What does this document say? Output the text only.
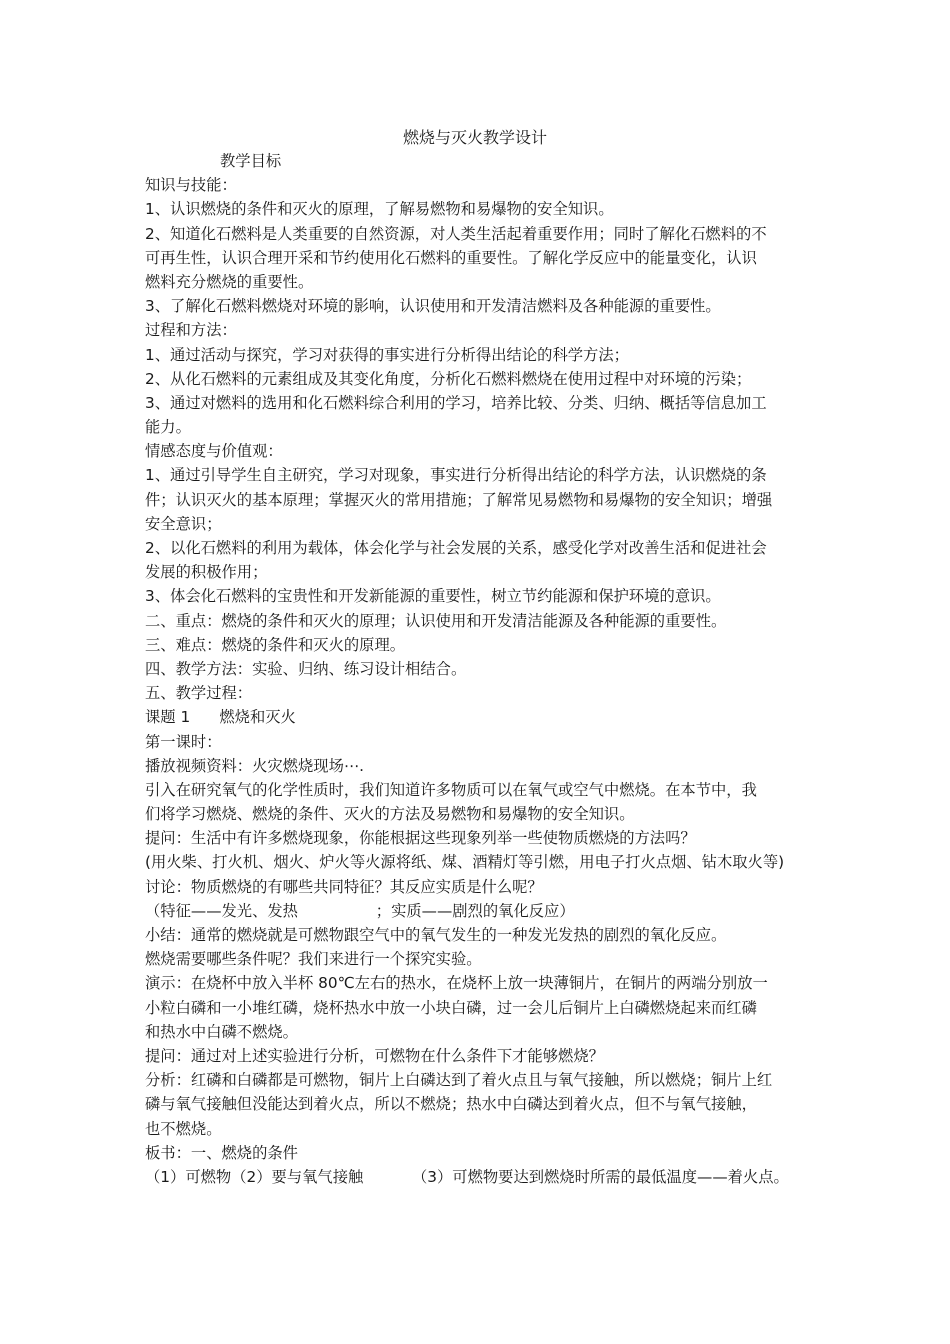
燃烧与灭火教学设计
教学目标
知识与技能：
1、认识燃烧的条件和灭火的原理，了解易燃物和易爆物的安全知识。
2、知道化石燃料是人类重要的自然资源，对人类生活起着重要作用；同时了解化石燃料的不
可再生性，认识合理开采和节约使用化石燃料的重要性。了解化学反应中的能量变化，认识
燃料充分燃烧的重要性。
3、了解化石燃料燃烧对环境的影响，认识使用和开发清洁燃料及各种能源的重要性。
过程和方法：
1、通过活动与探究，学习对获得的事实进行分析得出结论的科学方法；
2、从化石燃料的元素组成及其变化角度，分析化石燃料燃烧在使用过程中对环境的污染；
3、通过对燃料的选用和化石燃料综合利用的学习，培养比较、分类、归纳、概括等信息加工
能力。
情感态度与价值观：
1、通过引导学生自主研究，学习对现象，事实进行分析得出结论的科学方法，认识燃烧的条
件；认识灭火的基本原理；掌握灭火的常用措施；了解常见易燃物和易爆物的安全知识；增强
安全意识；
2、以化石燃料的利用为载体，体会化学与社会发展的关系，感受化学对改善生活和促进社会
发展的积极作用；
3、体会化石燃料的宝贵性和开发新能源的重要性，树立节约能源和保护环境的意识。
二、重点：燃烧的条件和灭火的原理；认识使用和开发清洁能源及各种能源的重要性。
三、难点：燃烧的条件和灭火的原理。
四、教学方法：实验、归纳、练习设计相结合。
五、教学过程：
课题 1      燃烧和灭火
第一课时：
播放视频资料：火灾燃烧现场⋯.
引入在研究氧气的化学性质时，我们知道许多物质可以在氧气或空气中燃烧。在本节中，我
们将学习燃烧、燃烧的条件、灭火的方法及易燃物和易爆物的安全知识。
提问：生活中有许多燃烧现象，你能根据这些现象列举一些使物质燃烧的方法吗？
(用火柴、打火机、烟火、炉火等火源将纸、煤、酒精灯等引燃，用电子打火点烟、钻木取火等)
讨论：物质燃烧的有哪些共同特征？其反应实质是什么呢？
（特征——发光、发热                ；实质——剧烈的氧化反应）
小结：通常的燃烧就是可燃物跟空气中的氧气发生的一种发光发热的剧烈的氧化反应。
燃烧需要哪些条件呢？我们来进行一个探究实验。
演示：在烧杯中放入半杯 80℃左右的热水，在烧杯上放一块薄铜片，在铜片的两端分别放一
小粒白磷和一小堆红磷，烧杯热水中放一小块白磷，过一会儿后铜片上白磷燃烧起来而红磷
和热水中白磷不燃烧。
提问：通过对上述实验进行分析，可燃物在什么条件下才能够燃烧？
分析：红磷和白磷都是可燃物，铜片上白磷达到了着火点且与氧气接触，所以燃烧；铜片上红
磷与氧气接触但没能达到着火点，所以不燃烧；热水中白磷达到着火点，但不与氧气接触，
也不燃烧。
板书：一、燃烧的条件
（1）可燃物（2）要与氧气接触          （3）可燃物要达到燃烧时所需的最低温度——着火点。
